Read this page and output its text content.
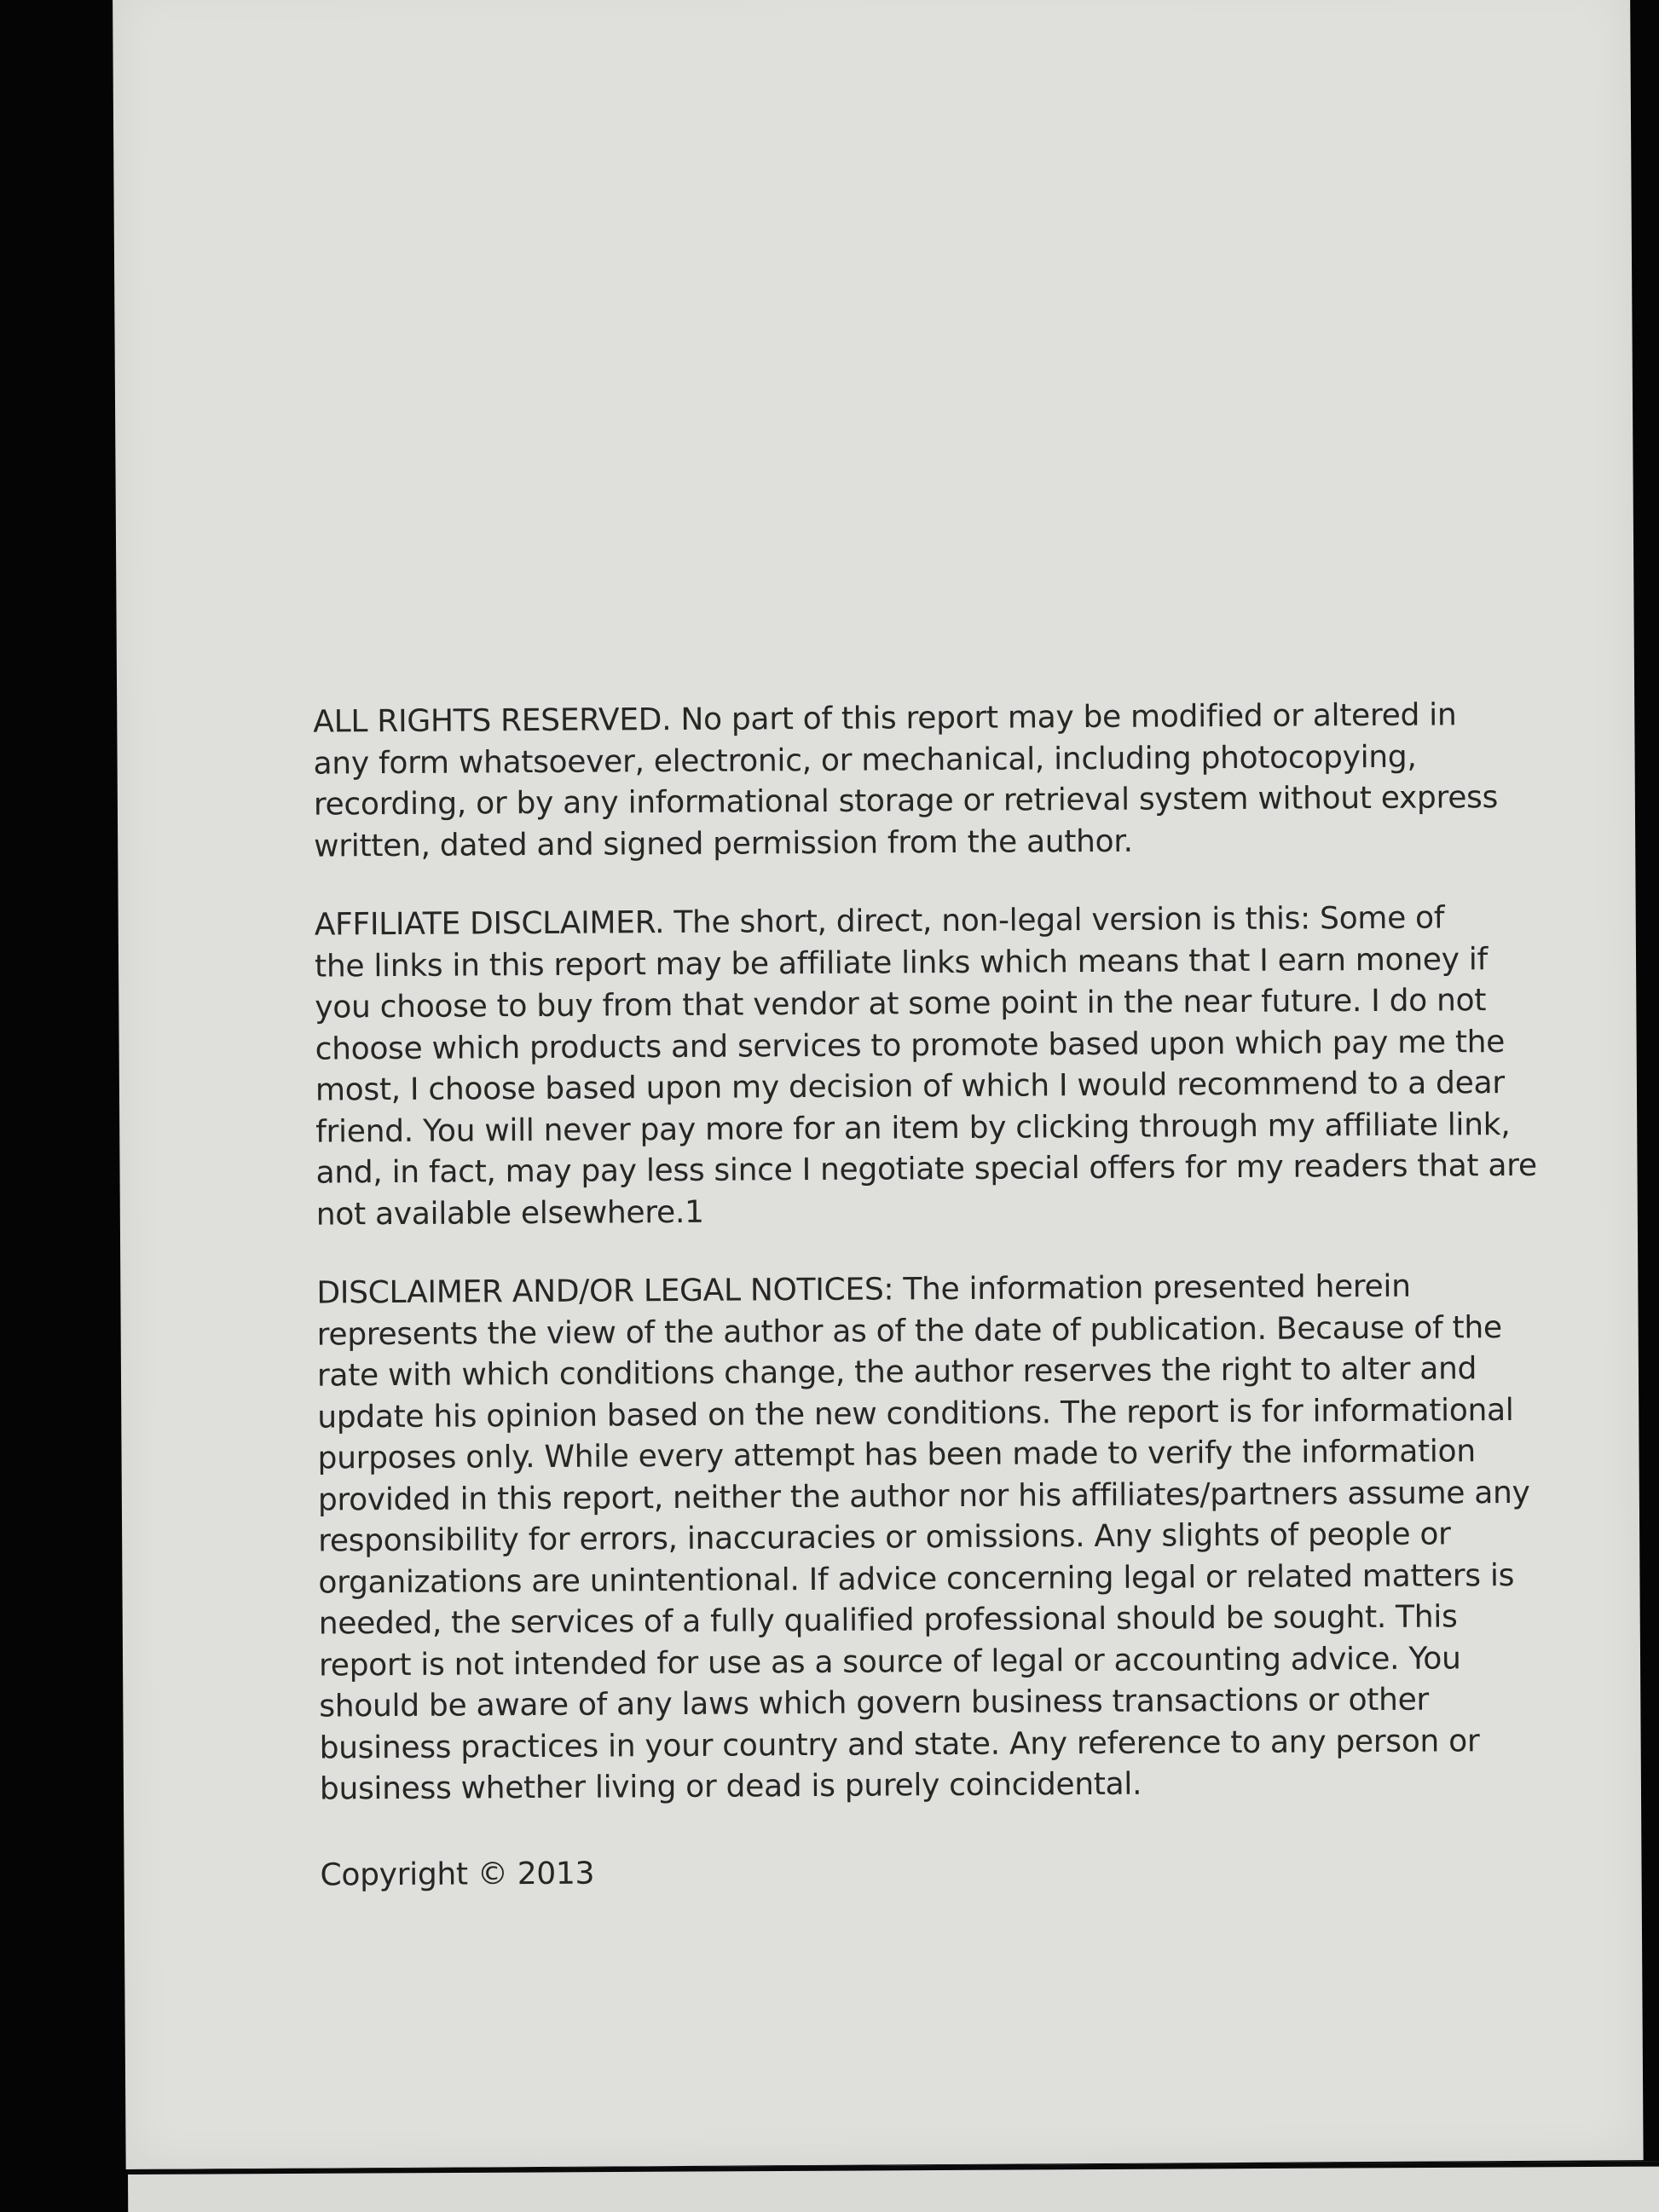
ALL RIGHTS RESERVED. No part of this report may be modified or altered in
any form whatsoever, electronic, or mechanical, including photocopying,
recording, or by any informational storage or retrieval system without express
written, dated and signed permission from the author.

AFFILIATE DISCLAIMER. The short, direct, non-legal version is this: Some of
the links in this report may be affiliate links which means that I earn money if
you choose to buy from that vendor at some point in the near future. I do not
choose which products and services to promote based upon which pay me the
most, I choose based upon my decision of which I would recommend to a dear
friend. You will never pay more for an item by clicking through my affiliate link,
and, in fact, may pay less since I negotiate special offers for my readers that are
not available elsewhere.1

DISCLAIMER AND/OR LEGAL NOTICES: The information presented herein
represents the view of the author as of the date of publication. Because of the
rate with which conditions change, the author reserves the right to alter and
update his opinion based on the new conditions. The report is for informational
purposes only. While every attempt has been made to verify the information
provided in this report, neither the author nor his affiliates/partners assume any
responsibility for errors, inaccuracies or omissions. Any slights of people or
organizations are unintentional. If advice concerning legal or related matters is
needed, the services of a fully qualified professional should be sought. This
report is not intended for use as a source of legal or accounting advice. You
should be aware of any laws which govern business transactions or other
business practices in your country and state. Any reference to any person or
business whether living or dead is purely coincidental.

Copyright © 2013
